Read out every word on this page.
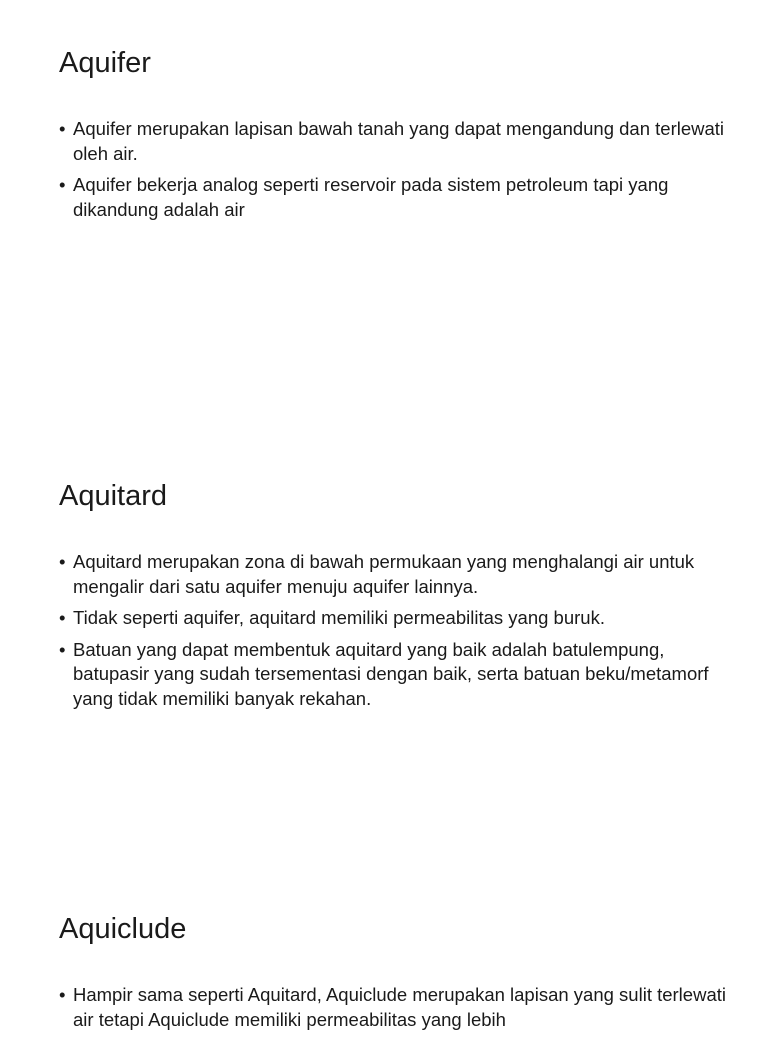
Aquifer
• Aquifer merupakan lapisan bawah tanah yang dapat mengandung dan terlewati oleh air.
• Aquifer bekerja analog seperti reservoir pada sistem petroleum tapi yang dikandung adalah air
Aquitard
• Aquitard merupakan zona di bawah permukaan yang menghalangi air untuk mengalir dari satu aquifer menuju aquifer lainnya.
• Tidak seperti aquifer, aquitard memiliki permeabilitas yang buruk.
• Batuan yang dapat membentuk aquitard yang baik adalah batulempung, batupasir yang sudah tersementasi dengan baik, serta batuan beku/metamorf yang tidak memiliki banyak rekahan.
Aquiclude
• Hampir sama seperti Aquitard, Aquiclude merupakan lapisan yang sulit terlewati air tetapi Aquiclude memiliki permeabilitas yang lebih
